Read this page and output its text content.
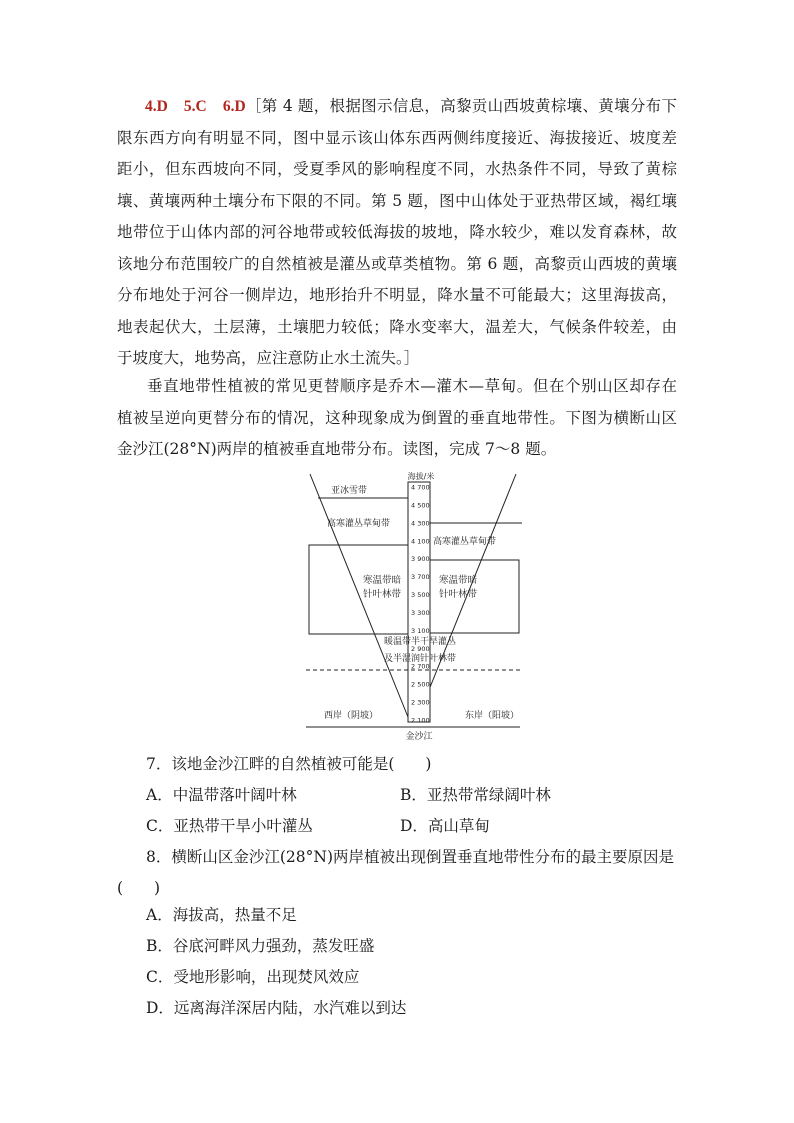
4.D　5.C　6.D［第 4 题，根据图示信息，高黎贡山西坡黄棕壤、黄壤分布下
限东西方向有明显不同，图中显示该山体东西两侧纬度接近、海拔接近、坡度差
距小，但东西坡向不同，受夏季风的影响程度不同，水热条件不同，导致了黄棕
壤、黄壤两种土壤分布下限的不同。第 5 题，图中山体处于亚热带区域，褐红壤
地带位于山体内部的河谷地带或较低海拔的坡地，降水较少，难以发育森林，故
该地分布范围较广的自然植被是灌丛或草类植物。第 6 题，高黎贡山西坡的黄壤
分布地处于河谷一侧岸边，地形抬升不明显，降水量不可能最大；这里海拔高，
地表起伏大，土层薄，土壤肥力较低；降水变率大，温差大，气候条件较差，由
于坡度大，地势高，应注意防止水土流失。］
垂直地带性植被的常见更替顺序是乔木—灌木—草甸。但在个别山区却存在
植被呈逆向更替分布的情况，这种现象成为倒置的垂直地带性。下图为横断山区
金沙江(28°N)两岸的植被垂直地带分布。读图，完成 7～8 题。
海拔/米
4 700
4 500
4 300
4 100
3 900
3 700
3 500
3 300
3 100
2 900
2 700
2 500
2 300
2 100
亚冰雪带
高寒灌丛草甸带
高寒灌丛草甸带
寒温带暗
针叶林带
寒温带暗
针叶林带
暖温带半干旱灌丛
及半湿润针叶林带
西岸（阴坡）	东岸（阳坡）
金沙江
7．该地金沙江畔的自然植被可能是(　　)
A．中温带落叶阔叶林	B．亚热带常绿阔叶林
C．亚热带干旱小叶灌丛	D．高山草甸
8．横断山区金沙江(28°N)两岸植被出现倒置垂直地带性分布的最主要原因是
(　　)
A．海拔高，热量不足
B．谷底河畔风力强劲，蒸发旺盛
C．受地形影响，出现焚风效应
D．远离海洋深居内陆，水汽难以到达
